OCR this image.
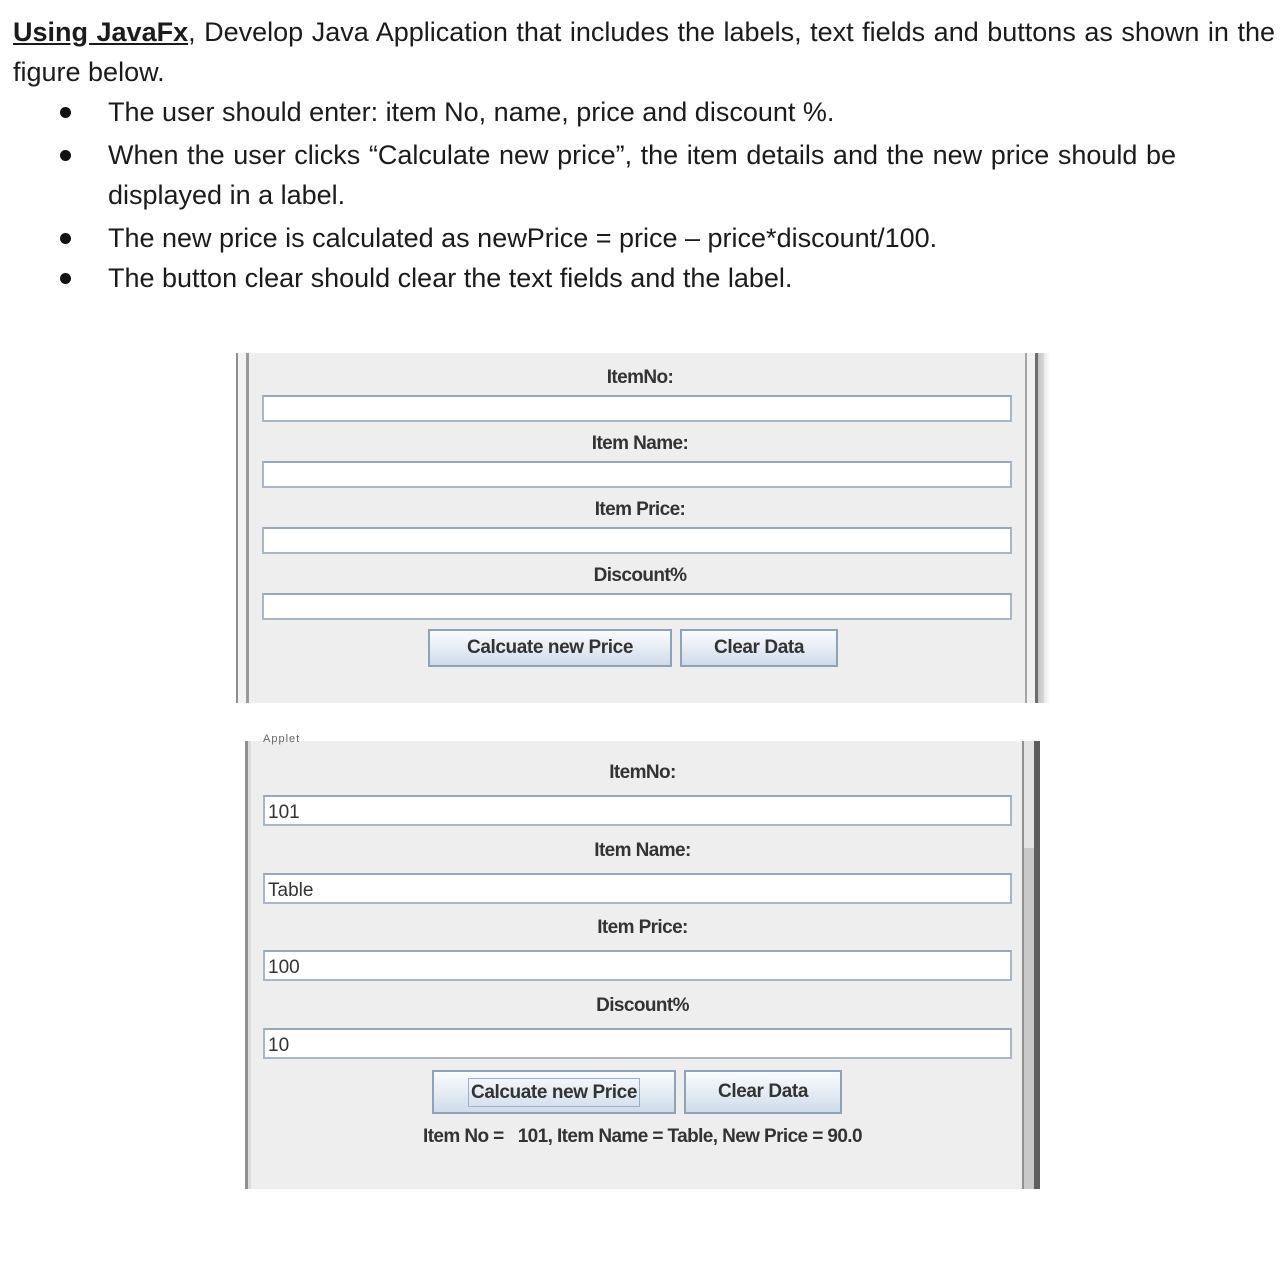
Using JavaFx, Develop Java Application that includes the labels, text fields and buttons as shown in the figure below.

The user should enter: item No, name, price and discount %.
When the user clicks “Calculate new price”, the item details and the new price should be displayed in a label.
The new price is calculated as newPrice = price – price*discount/100.
The button clear should clear the text fields and the label.
ItemNo:
Item Name:
Item Price:
Discount%
Calcuate new Price	Clear Data
Applet
ItemNo:
101
Item Name:
Table
Item Price:
100
Discount%
10
Calcuate new Price	Clear Data
Item No =   101, Item Name = Table, New Price = 90.0
